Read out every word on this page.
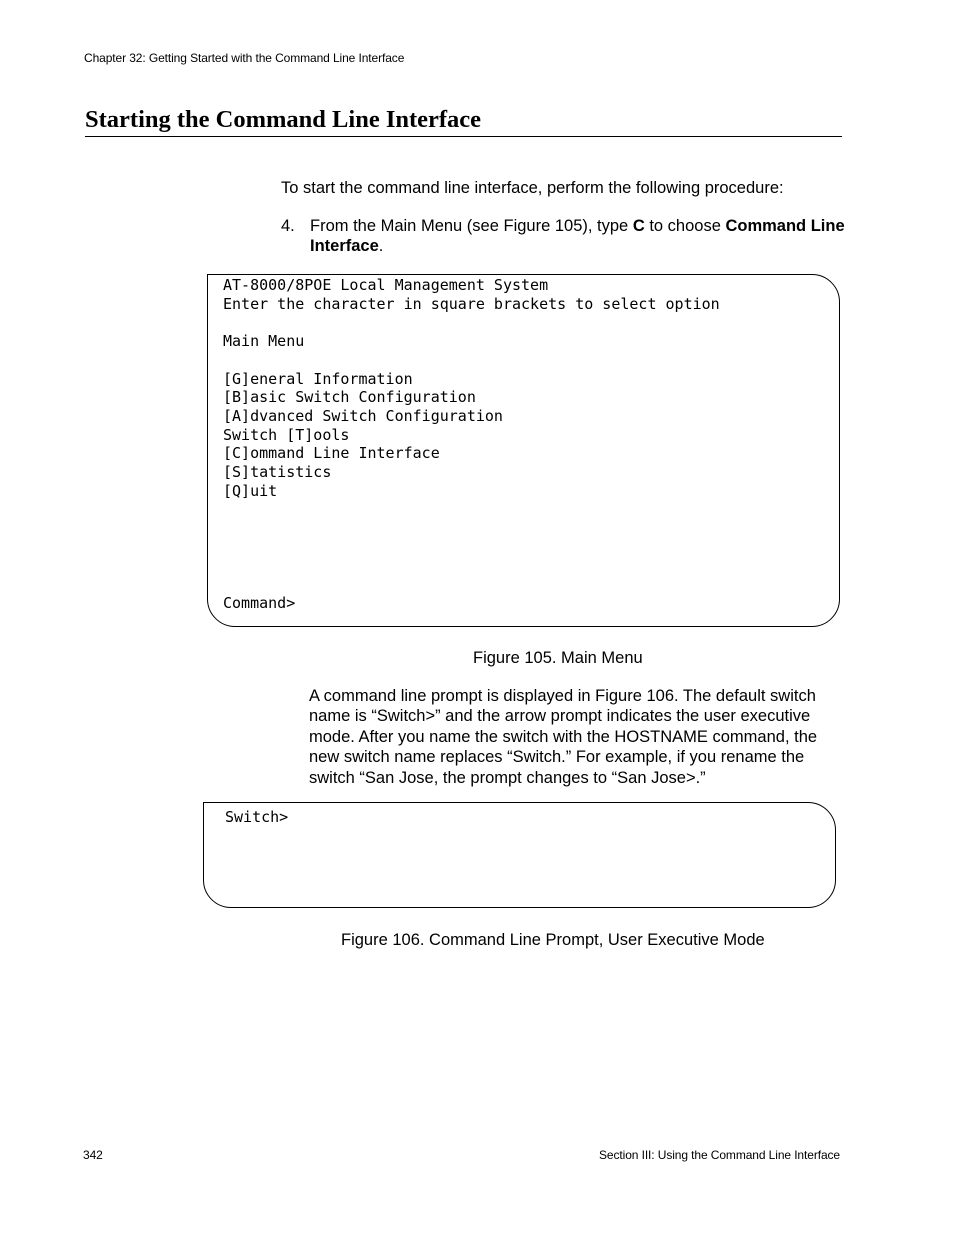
Chapter 32: Getting Started with the Command Line Interface
Starting the Command Line Interface
To start the command line interface, perform the following procedure:
4. From the Main Menu (see Figure 105), type C to choose Command Line Interface.
AT-8000/8POE Local Management System
Enter the character in square brackets to select option
Main Menu
[G]eneral Information
[B]asic Switch Configuration
[A]dvanced Switch Configuration
Switch [T]ools
[C]ommand Line Interface
[S]tatistics
[Q]uit
Command>
Figure 105. Main Menu
A command line prompt is displayed in Figure 106. The default switch name is “Switch>” and the arrow prompt indicates the user executive mode. After you name the switch with the HOSTNAME command, the new switch name replaces “Switch.” For example, if you rename the switch “San Jose, the prompt changes to “San Jose>.”
Switch>
Figure 106. Command Line Prompt, User Executive Mode
342	Section III: Using the Command Line Interface
